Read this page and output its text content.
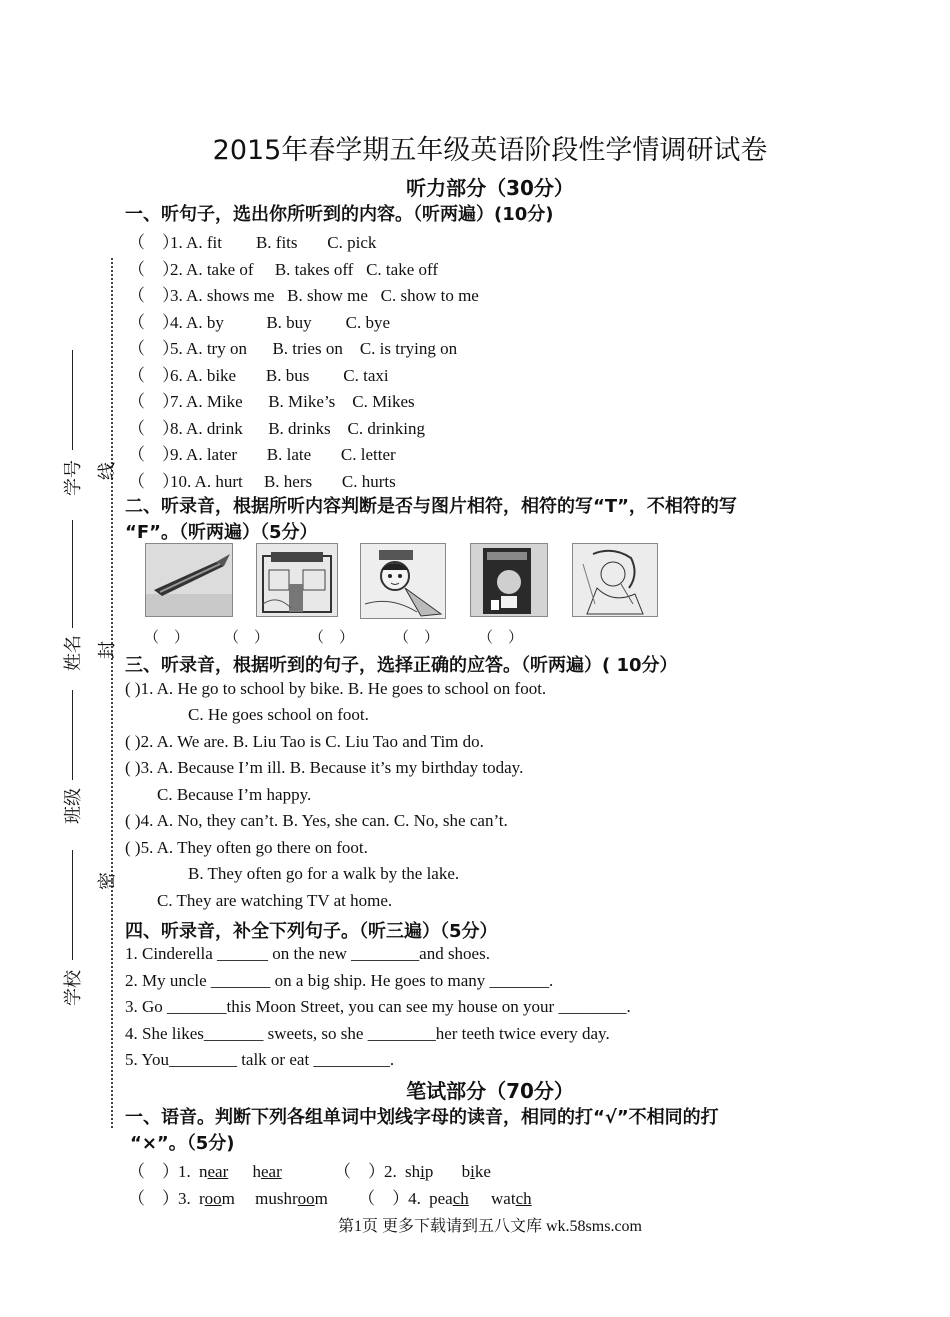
2015年春学期五年级英语阶段性学情调研试卷
听力部分（30分）
学号
姓名
班级
学校
线
封
密
一、听句子，选出你所听到的内容。（听两遍）(10分)
（　）1. A. fit        B. fits       C. pick
（　）2. A. take of     B. takes off   C. take off
（　）3. A. shows me   B. show me   C. show to me
（　）4. A. by          B. buy        C. bye
（　）5. A. try on      B. tries on    C. is trying on
（　）6. A. bike       B. bus        C. taxi
（　）7. A. Mike      B. Mike’s    C. Mikes
（　）8. A. drink      B. drinks    C. drinking
（　）9. A. later       B. late       C. letter
（　）10. A. hurt     B. hers       C. hurts
二、听录音，根据所听内容判断是否与图片相符，相符的写“T”，不相符的写
“F”。（听两遍）（5分）
（　） （　）	（　）	（　）	（　）
三、听录音，根据听到的句子，选择正确的应答。（听两遍）( 10分）
( )1. A. He go to school by bike. B. He goes to school on foot.
C. He goes school on foot.
( )2. A. We are. B. Liu Tao is C. Liu Tao and Tim do.
( )3. A. Because I’m ill. B. Because it’s my birthday today.
C. Because I’m happy.
( )4. A. No, they can’t. B. Yes, she can. C. No, she can’t.
( )5. A. They often go there on foot.
B. They often go for a walk by the lake.
C. They are watching TV at home.
四、听录音，补全下列句子。（听三遍）（5分）
1. Cinderella ______ on the new ________and shoes.
2. My uncle _______ on a big ship. He goes to many _______.
3. Go _______this Moon Street, you can see my house on your ________.
4. She likes_______ sweets, so she ________her teeth twice every day.
5. You________ talk or eat _________.
笔试部分（70分）
一、语音。判断下列各组单词中划线字母的读音，相同的打“√”不相同的打
“×”。（5分)
（　）1. near hear	（　）2. ship bike
（　）3. room mushroom （　）4. peach watch
第1页 更多下载请到五八文库 wk.58sms.com
